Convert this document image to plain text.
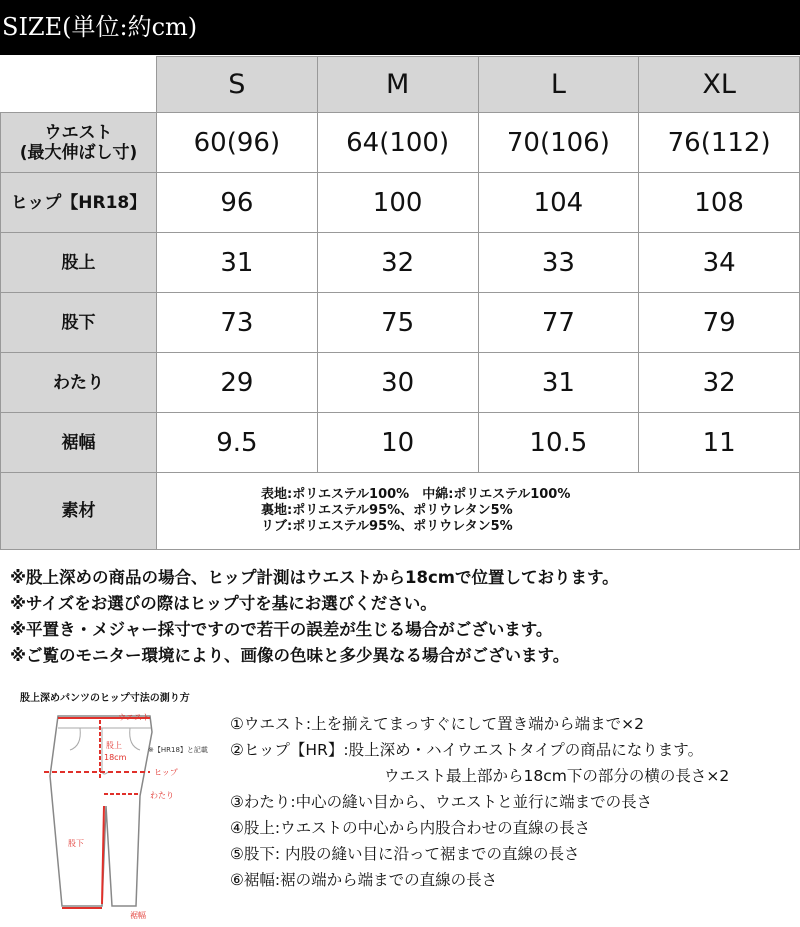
SIZE(単位:約cm)
	S	M	L	XL

ウエスト
(最大伸ばし寸)	60(96)	64(100)	70(106)	76(112)
ヒップ【HR18】	96	100	104	108
股上	31	32	33	34
股下	73	75	77	79
わたり	29	30	31	32
裾幅	9.5	10	10.5	11
素材	表地:ポリエステル100%　中綿:ポリエステル100%
裏地:ポリエステル95%、ポリウレタン5%
リブ:ポリエステル95%、ポリウレタン5%			
※股上深めの商品の場合、ヒップ計測はウエストから18cmで位置しております。
※サイズをお選びの際はヒップ寸を基にお選びください。
※平置き・メジャー採寸ですので若干の誤差が生じる場合がございます。
※ご覧のモニター環境により、画像の色味と多少異なる場合がございます。
股上深めパンツのヒップ寸法の測り方
ウエスト
股上
18cm
※【HR18】と記載
ヒップ
わたり
股下
裾幅
①ウエスト:上を揃えてまっすぐにして置き端から端まで×2
②ヒップ【HR】:股上深め・ハイウエストタイプの商品になります。
ウエスト最上部から18cm下の部分の横の長さ×2
③わたり:中心の縫い目から、ウエストと並行に端までの長さ
④股上:ウエストの中心から内股合わせの直線の長さ
⑤股下: 内股の縫い目に沿って裾までの直線の長さ
⑥裾幅:裾の端から端までの直線の長さ
